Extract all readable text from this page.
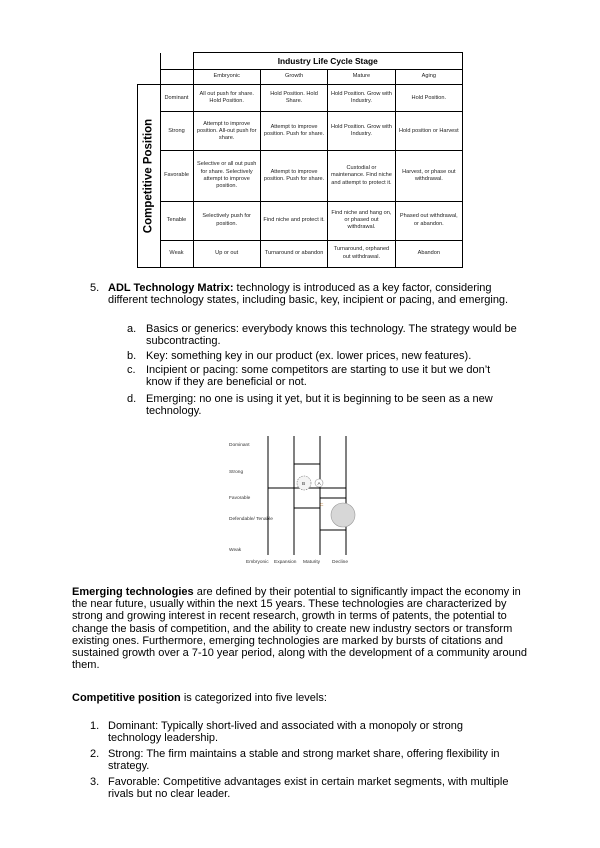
		Industry Life Cycle Stage			
		Embryonic	Growth	Mature	Aging

Competitive Position	Dominant	All out push for share. Hold Position.	Hold Position. Hold Share.	Hold Position. Grow with Industry.	Hold Position.
	Strong	Attempt to improve position. All-out push for share.	Attempt to improve position. Push for share.	Hold Position. Grow with Industry.	Hold position or Harvest
	Favorable	Selective or all out push for share. Selectively attempt to improve position.	Attempt to improve position. Push for share.	Custodial or maintenance. Find niche and attempt to protect it.	Harvest, or phase out withdrawal.
	Tenable	Selectively push for position.	Find niche and protect it.	Find niche and hang on, or phased out withdrawal.	Phased out withdrawal, or abandon.
	Weak	Up or out	Turnaround or abandon	Turnaround, orphaned out withdrawal.	Abandon
5. ADL Technology Matrix: technology is introduced as a key factor, considering different technology states, including basic, key, incipient or pacing, and emerging.

a. Basics or generics: everybody knows this technology. The strategy would be subcontracting.

b. Key: something key in our product (ex. lower prices, new features).

c. Incipient or pacing: some competitors are starting to use it but we don’t know if they are beneficial or not.

d. Emerging: no one is using it yet, but it is beginning to be seen as a new technology.

B	A
C
Dominant
Strong
Favorable
Defendable/ Tenable
Weak
Embryonic Expansion Maturity Decline

Emerging technologies are defined by their potential to significantly impact the economy in the near future, usually within the next 15 years. These technologies are characterized by strong and growing interest in recent research, growth in terms of patents, the potential to change the basis of competition, and the ability to create new industry sectors or transform existing ones. Furthermore, emerging technologies are marked by bursts of citations and sustained growth over a 7-10 year period, along with the development of a community around them.

Competitive position is categorized into five levels:

1. Dominant: Typically short-lived and associated with a monopoly or strong technology leadership.

2. Strong: The firm maintains a stable and strong market share, offering flexibility in strategy.

3. Favorable: Competitive advantages exist in certain market segments, with multiple rivals but no clear leader.
